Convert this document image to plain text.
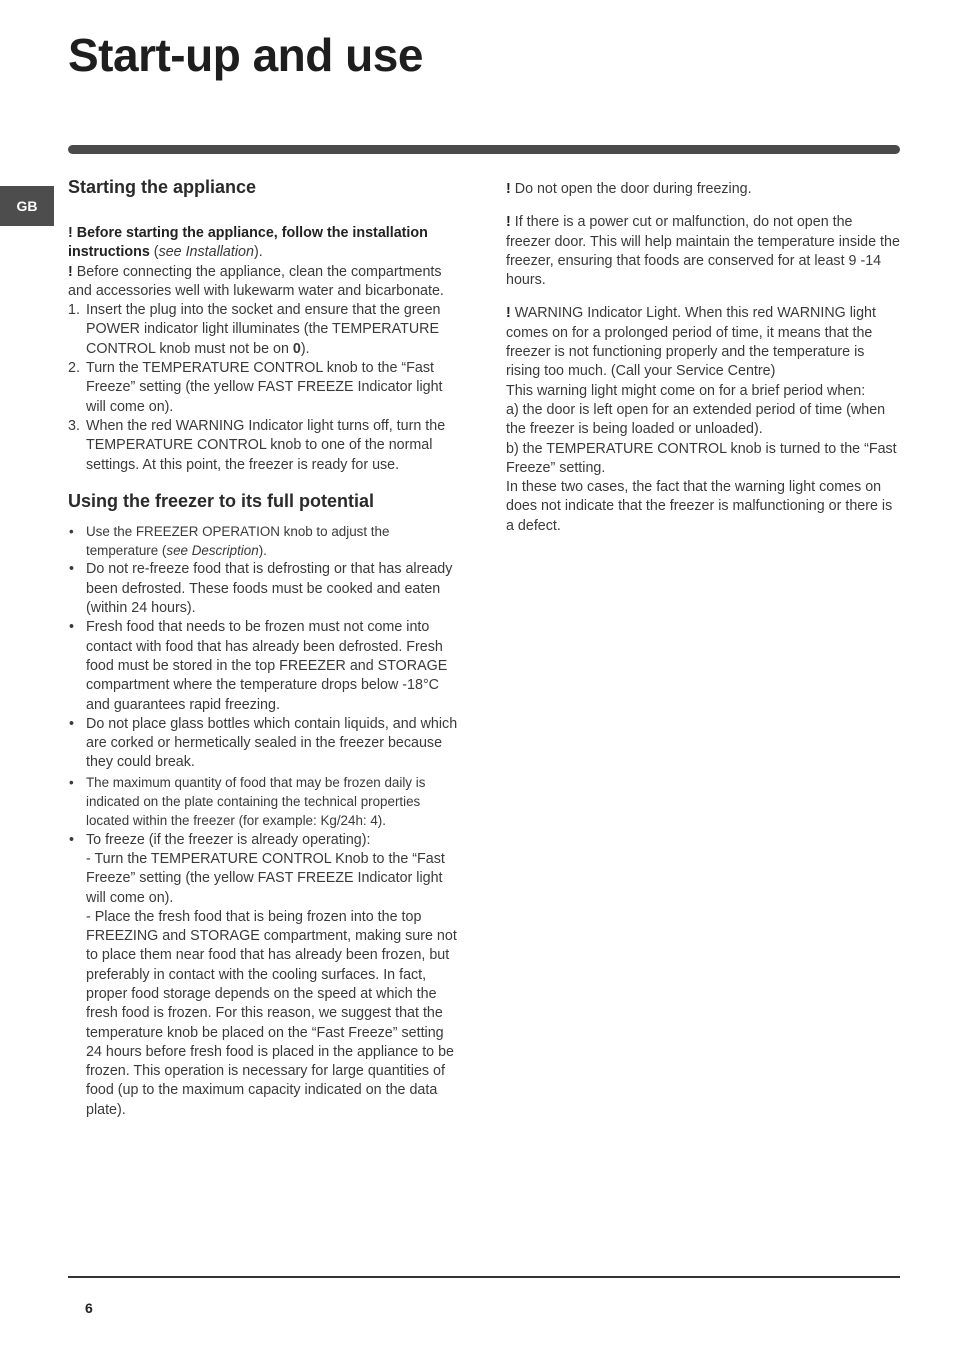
Start-up and use
GB
Starting the appliance

! Before starting the appliance, follow the installation instructions (see Installation).

! Before connecting the appliance, clean the compartments and accessories well with lukewarm water and bicarbonate.

1. Insert the plug into the socket and ensure that the green POWER indicator light illuminates (the TEMPERATURE CONTROL knob must not be on 0).
2. Turn the TEMPERATURE CONTROL knob to the “Fast Freeze” setting (the yellow FAST FREEZE Indicator light will come on).
3. When the red WARNING Indicator light turns off, turn the TEMPERATURE CONTROL knob to one of the normal settings. At this point, the freezer is ready for use.
Using the freezer to its full potential
• Use the FREEZER OPERATION knob to adjust the temperature (see Description).
• Do not re-freeze food that is defrosting or that has already been defrosted. These foods must be cooked and eaten (within 24 hours).
• Fresh food that needs to be frozen must not come into contact with food that has already been defrosted. Fresh food must be stored in the top FREEZER and STORAGE compartment where the temperature drops below -18°C and guarantees rapid freezing.
• Do not place glass bottles which contain liquids, and which are corked or hermetically sealed in the freezer because they could break.
• The maximum quantity of food that may be frozen daily is indicated on the plate containing the technical properties located within the freezer (for example: Kg/24h: 4).
• To freeze (if the freezer is already operating):
- Turn the TEMPERATURE CONTROL Knob to the “Fast Freeze” setting (the yellow FAST FREEZE Indicator light will come on).
- Place the fresh food that is being frozen into the top FREEZING and STORAGE compartment, making sure not to place them near food that has already been frozen, but preferably in contact with the cooling surfaces. In fact, proper food storage depends on the speed at which the fresh food is frozen. For this reason, we suggest that the temperature knob be placed on the “Fast Freeze” setting 24 hours before fresh food is placed in the appliance to be frozen. This operation is necessary for large quantities of food (up to the maximum capacity indicated on the data plate).

! Do not open the door during freezing.

! If there is a power cut or malfunction, do not open the freezer door. This will help maintain the temperature inside the freezer, ensuring that foods are conserved for at least 9 -14 hours.

! WARNING Indicator Light. When this red WARNING light comes on for a prolonged period of time, it means that the freezer is not functioning properly and the temperature is rising too much. (Call your Service Centre)

This warning light might come on for a brief period when:

a) the door is left open for an extended period of time (when the freezer is being loaded or unloaded).

b) the TEMPERATURE CONTROL knob is turned to the “Fast Freeze” setting.

In these two cases, the fact that the warning light comes on does not indicate that the freezer is malfunctioning or there is a defect.

6
